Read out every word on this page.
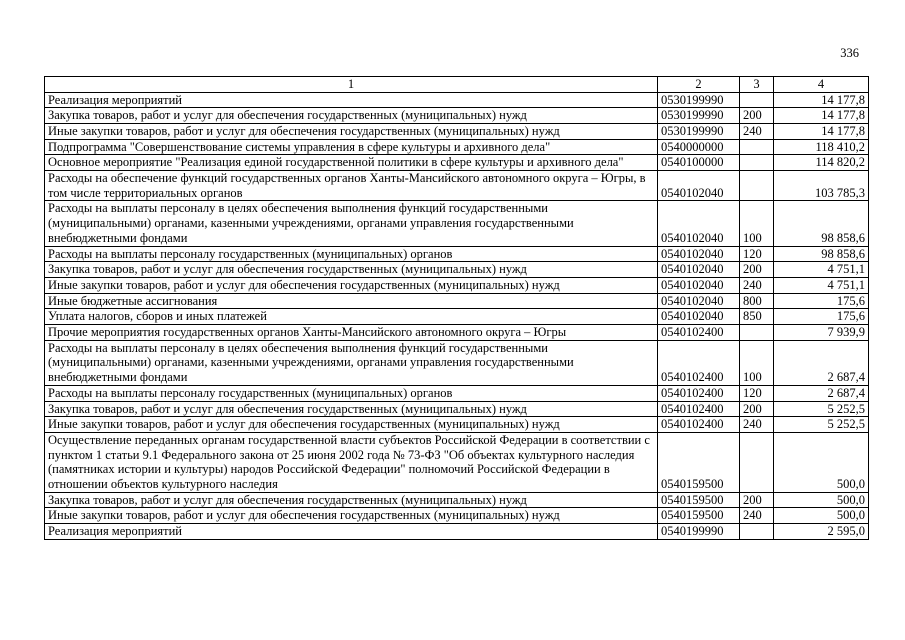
336
1	2	3	4
Реализация мероприятий	0530199990		14 177,8
Закупка товаров, работ и услуг для обеспечения государственных (муниципальных) нужд	0530199990	200	14 177,8
Иные закупки товаров, работ и услуг для обеспечения государственных (муниципальных) нужд	0530199990	240	14 177,8
Подпрограмма "Совершенствование системы управления в сфере культуры и архивного дела"	0540000000		118 410,2
Основное мероприятие "Реализация единой государственной политики в сфере культуры и архивного дела"	0540100000		114 820,2
Расходы на обеспечение функций государственных органов Ханты-Мансийского автономного округа – Югры, в том числе территориальных органов	0540102040		103 785,3
Расходы на выплаты персоналу в целях обеспечения выполнения функций государственными (муниципальными) органами, казенными учреждениями, органами управления государственными внебюджетными фондами	0540102040	100	98 858,6
Расходы на выплаты персоналу государственных (муниципальных) органов	0540102040	120	98 858,6
Закупка товаров, работ и услуг для обеспечения государственных (муниципальных) нужд	0540102040	200	4 751,1
Иные закупки товаров, работ и услуг для обеспечения государственных (муниципальных) нужд	0540102040	240	4 751,1
Иные бюджетные ассигнования	0540102040	800	175,6
Уплата налогов, сборов и иных платежей	0540102040	850	175,6
Прочие мероприятия государственных органов Ханты-Мансийского автономного округа – Югры	0540102400		7 939,9
Расходы на выплаты персоналу в целях обеспечения выполнения функций государственными (муниципальными) органами, казенными учреждениями, органами управления государственными внебюджетными фондами	0540102400	100	2 687,4
Расходы на выплаты персоналу государственных (муниципальных) органов	0540102400	120	2 687,4
Закупка товаров, работ и услуг для обеспечения государственных (муниципальных) нужд	0540102400	200	5 252,5
Иные закупки товаров, работ и услуг для обеспечения государственных (муниципальных) нужд	0540102400	240	5 252,5
Осуществление переданных органам государственной власти субъектов Российской Федерации в соответствии с пунктом 1 статьи 9.1 Федерального закона от 25 июня 2002 года № 73-ФЗ "Об объектах культурного наследия (памятниках истории и культуры) народов Российской Федерации" полномочий Российской Федерации в отношении объектов культурного наследия	0540159500		500,0
Закупка товаров, работ и услуг для обеспечения государственных (муниципальных) нужд	0540159500	200	500,0
Иные закупки товаров, работ и услуг для обеспечения государственных (муниципальных) нужд	0540159500	240	500,0
Реализация мероприятий	0540199990		2 595,0
